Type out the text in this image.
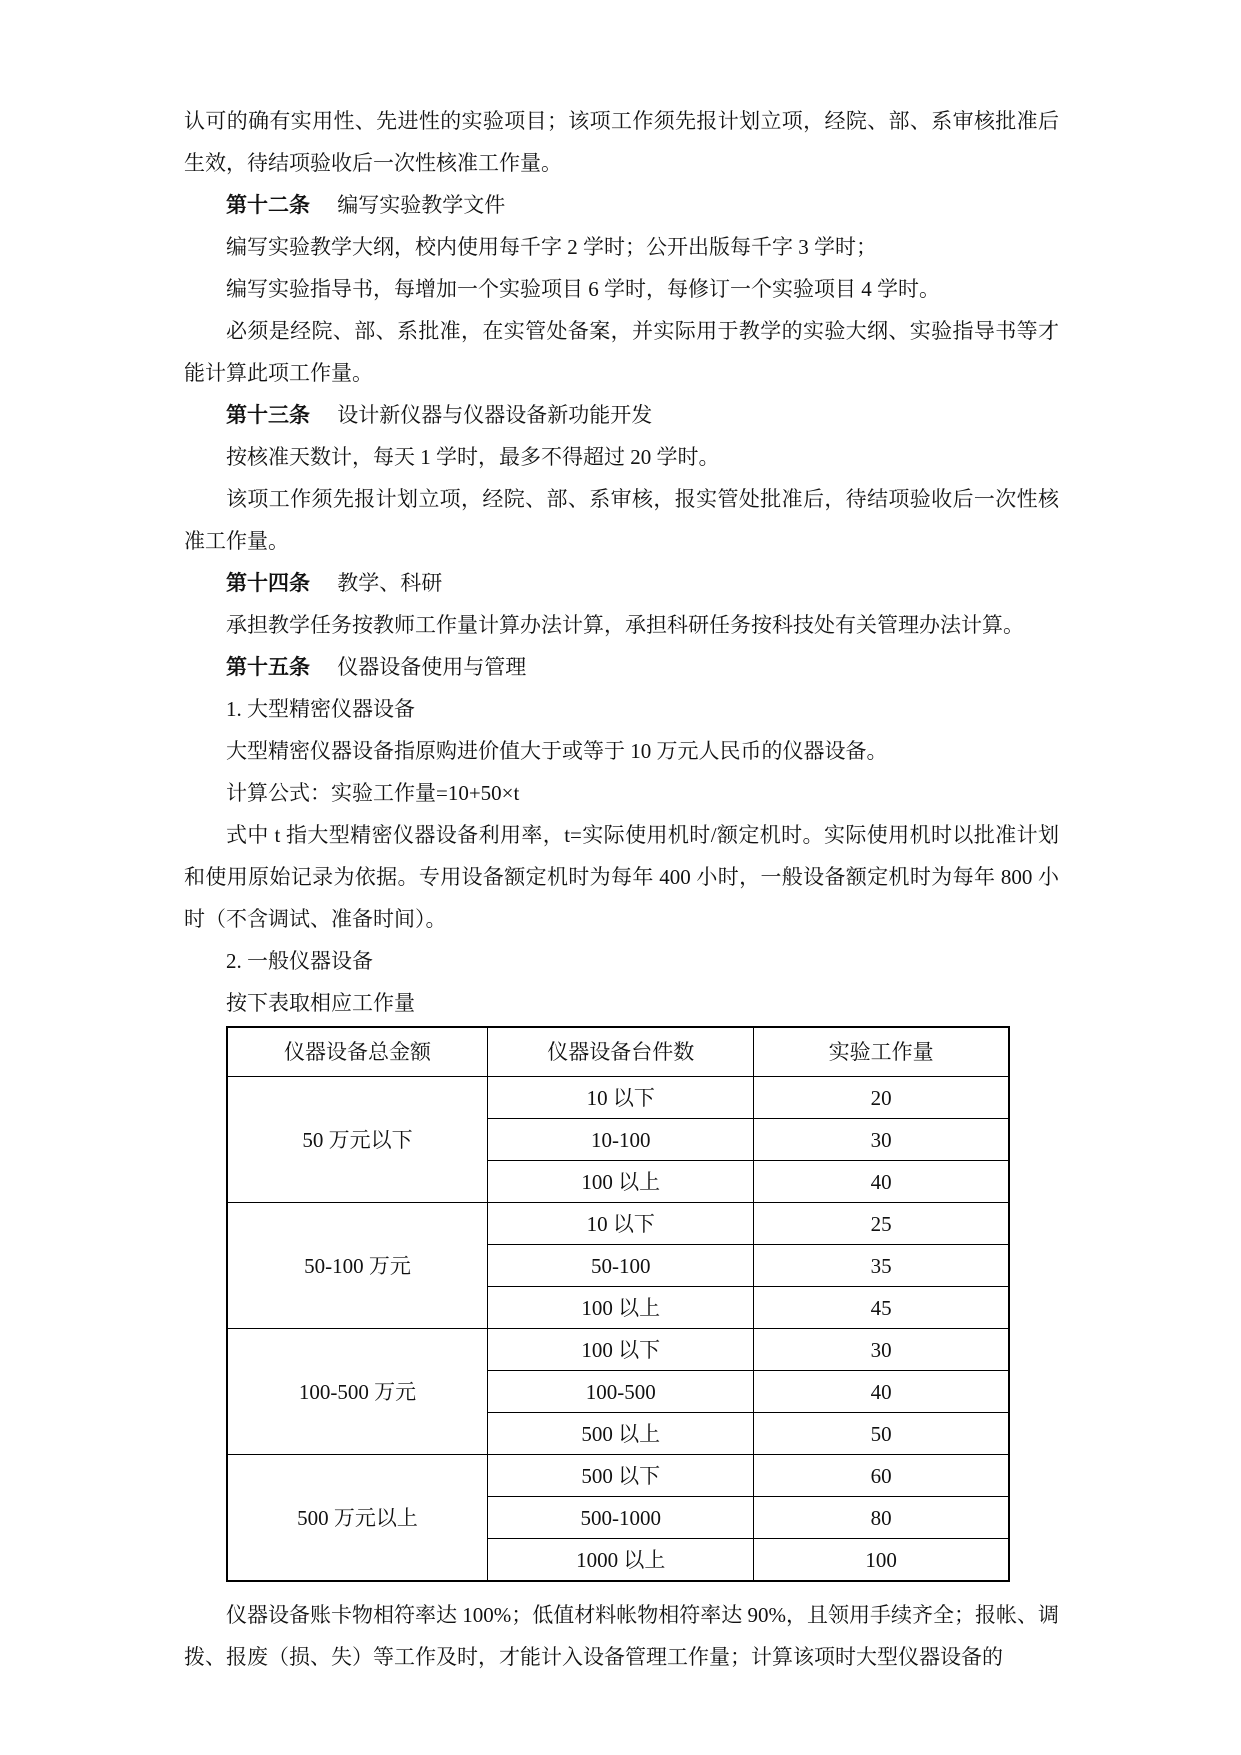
认可的确有实用性、先进性的实验项目；该项工作须先报计划立项，经院、部、系审核批准后生效，待结项验收后一次性核准工作量。

第十二条 编写实验教学文件

编写实验教学大纲，校内使用每千字 2 学时；公开出版每千字 3 学时；

编写实验指导书，每增加一个实验项目 6 学时，每修订一个实验项目 4 学时。

必须是经院、部、系批准，在实管处备案，并实际用于教学的实验大纲、实验指导书等才能计算此项工作量。

第十三条 设计新仪器与仪器设备新功能开发

按核准天数计，每天 1 学时，最多不得超过 20 学时。

该项工作须先报计划立项，经院、部、系审核，报实管处批准后，待结项验收后一次性核准工作量。

第十四条 教学、科研

承担教学任务按教师工作量计算办法计算，承担科研任务按科技处有关管理办法计算。

第十五条 仪器设备使用与管理

1. 大型精密仪器设备

大型精密仪器设备指原购进价值大于或等于 10 万元人民币的仪器设备。

计算公式：实验工作量=10+50×t

式中 t 指大型精密仪器设备利用率，t=实际使用机时/额定机时。实际使用机时以批准计划和使用原始记录为依据。专用设备额定机时为每年 400 小时，一般设备额定机时为每年 800 小时（不含调试、准备时间）。

2. 一般仪器设备

按下表取相应工作量

仪器设备总金额	仪器设备台件数	实验工作量
50 万元以下	10 以下	20
	10-100	30
	100 以上	40
50-100 万元	10 以下	25
	50-100	35
	100 以上	45
100-500 万元	100 以下	30
	100-500	40
	500 以上	50
500 万元以上	500 以下	60
	500-1000	80
	1000 以上	100

仪器设备账卡物相符率达 100%；低值材料帐物相符率达 90%，且领用手续齐全；报帐、调拨、报废（损、失）等工作及时，才能计入设备管理工作量；计算该项时大型仪器设备的
